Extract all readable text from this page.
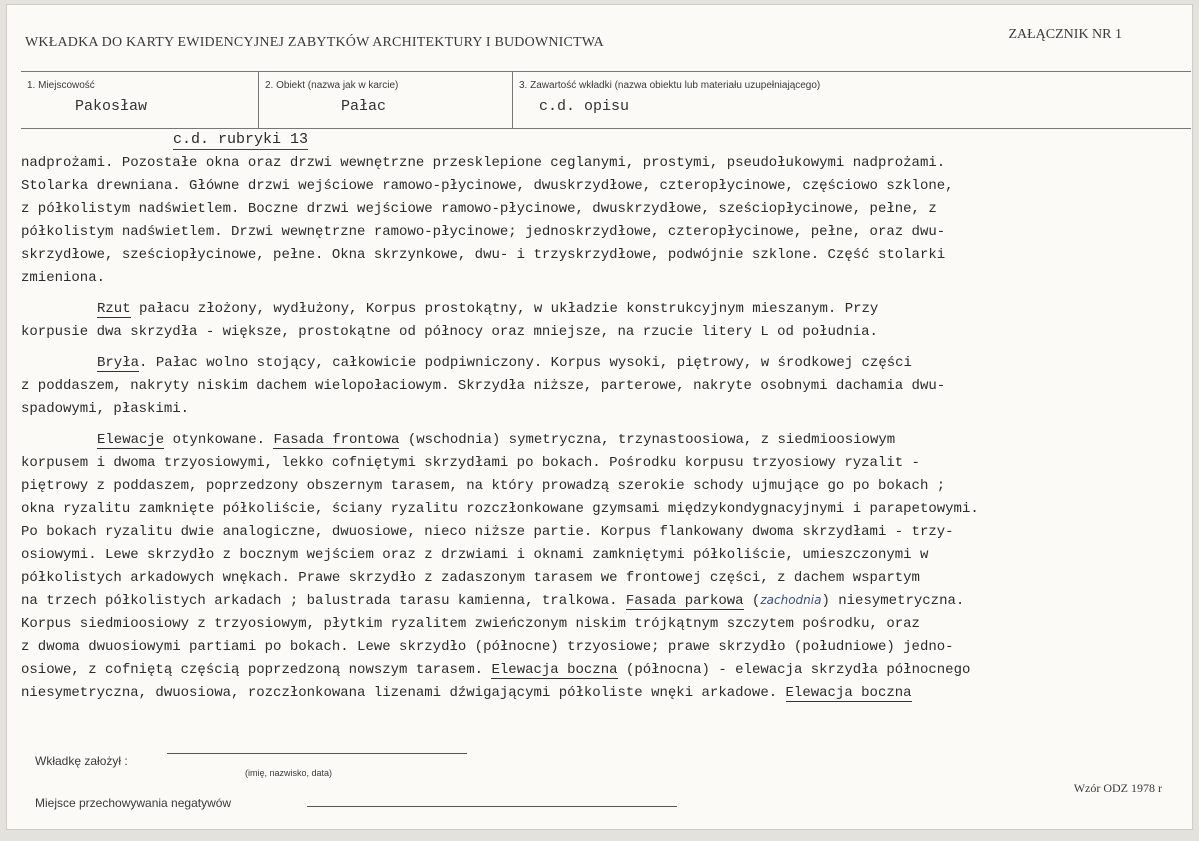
WKŁADKA DO KARTY EWIDENCYJNEJ ZABYTKÓW ARCHITEKTURY I BUDOWNICTWA
ZAŁĄCZNIK NR 1
1. Miejscowość
Pakosław
2. Obiekt (nazwa jak w karcie)
Pałac
3. Zawartość wkładki (nazwa obiektu lub materiału uzupełniającego)
c.d. opisu
c.d. rubryki 13
nadprożami. Pozostałe okna oraz drzwi wewnętrzne przesklepione ceglanymi, prostymi, pseudołukowymi nadprożami.
Stolarka drewniana. Główne drzwi wejściowe ramowo-płycinowe, dwuskrzydłowe, czteropłycinowe, częściowo szklone,
z półkolistym nadświetlem. Boczne drzwi wejściowe ramowo-płycinowe, dwuskrzydłowe, sześciopłycinowe, pełne, z
półkolistym nadświetlem. Drzwi wewnętrzne ramowo-płycinowe; jednoskrzydłowe, czteropłycinowe, pełne, oraz dwu-
skrzydłowe, sześciopłycinowe, pełne. Okna skrzynkowe, dwu- i trzyskrzydłowe, podwójnie szklone. Część stolarki
zmieniona.
Rzut pałacu złożony, wydłużony, Korpus prostokątny, w układzie konstrukcyjnym mieszanym. Przy
korpusie dwa skrzydła - większe, prostokątne od północy oraz mniejsze, na rzucie litery L od południa.
Bryła. Pałac wolno stojący, całkowicie podpiwniczony. Korpus wysoki, piętrowy, w środkowej części
z poddaszem, nakryty niskim dachem wielopołaciowym. Skrzydła niższe, parterowe, nakryte osobnymi dachamia dwu-
spadowymi, płaskimi.
Elewacje otynkowane. Fasada frontowa (wschodnia) symetryczna, trzynastoosiowa, z siedmioosiowym
korpusem i dwoma trzyosiowymi, lekko cofniętymi skrzydłami po bokach. Pośrodku korpusu trzyosiowy ryzalit -
piętrowy z poddaszem, poprzedzony obszernym tarasem, na który prowadzą szerokie schody ujmujące go po bokach ;
okna ryzalitu zamknięte półkoliście, ściany ryzalitu rozczłonkowane gzymsami międzykondygnacyjnymi i parapetowymi.
Po bokach ryzalitu dwie analogiczne, dwuosiowe, nieco niższe partie. Korpus flankowany dwoma skrzydłami - trzy-
osiowymi. Lewe skrzydło z bocznym wejściem oraz z drzwiami i oknami zamkniętymi półkoliście, umieszczonymi w
półkolistych arkadowych wnękach. Prawe skrzydło z zadaszonym tarasem we frontowej części, z dachem wspartym
na trzech półkolistych arkadach ; balustrada tarasu kamienna, tralkowa. Fasada parkowa (zachodnia) niesymetryczna.
Korpus siedmioosiowy z trzyosiowym, płytkim ryzalitem zwieńczonym niskim trójkątnym szczytem pośrodku, oraz
z dwoma dwuosiowymi partiami po bokach. Lewe skrzydło (północne) trzyosiowe; prawe skrzydło (południowe) jedno-
osiowe, z cofniętą częścią poprzedzoną nowszym tarasem. Elewacja boczna (północna) - elewacja skrzydła północnego
niesymetryczna, dwuosiowa, rozczłonkowana lizenami dźwigającymi półkoliste wnęki arkadowe. Elewacja boczna
Wkładkę założył :
(imię, nazwisko, data)
Miejsce przechowywania negatywów
Wzór ODZ 1978 r
